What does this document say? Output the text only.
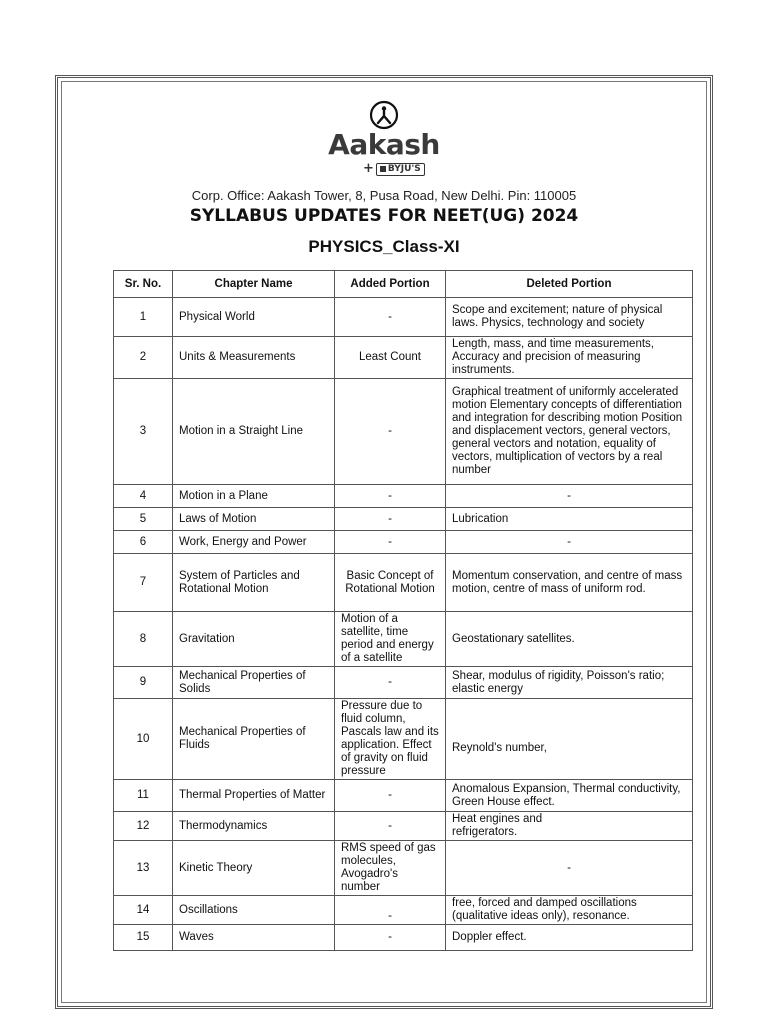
Aakash
+ BYJU'S
Corp. Office: Aakash Tower, 8, Pusa Road, New Delhi. Pin: 110005
SYLLABUS UPDATES FOR NEET(UG) 2024
PHYSICS_Class-XI
Sr. No.	Chapter Name	Added Portion	Deleted Portion
1	Physical World	-	Scope and excitement; nature of physical laws. Physics, technology and society
2	Units & Measurements	Least Count	Length, mass, and time measurements, Accuracy and precision of measuring instruments.
3	Motion in a Straight Line	-	Graphical treatment of uniformly accelerated motion Elementary concepts of differentiation and integration for describing motion Position and displacement vectors, general vectors, general vectors and notation, equality of vectors, multiplication of vectors by a real number
4	Motion in a Plane	-	-
5	Laws of Motion	-	Lubrication
6	Work, Energy and Power	-	-
7	System of Particles and Rotational Motion	Basic Concept of Rotational Motion	Momentum conservation, and centre of mass motion, centre of mass of uniform rod.
8	Gravitation	Motion of a satellite, time period and energy of a satellite	Geostationary satellites.
9	Mechanical Properties of Solids	-	Shear, modulus of rigidity, Poisson's ratio; elastic energy
10	Mechanical Properties of Fluids	Pressure due to fluid column, Pascals law and its application. Effect of gravity on fluid pressure	Reynold's number,
11	Thermal Properties of Matter	-	Anomalous Expansion, Thermal conductivity, Green House effect.
12	Thermodynamics	-	Heat engines and refrigerators.
13	Kinetic Theory	RMS speed of gas molecules, Avogadro's number	-
14	Oscillations	-	free, forced and damped oscillations (qualitative ideas only), resonance.
15	Waves	-	Doppler effect.
